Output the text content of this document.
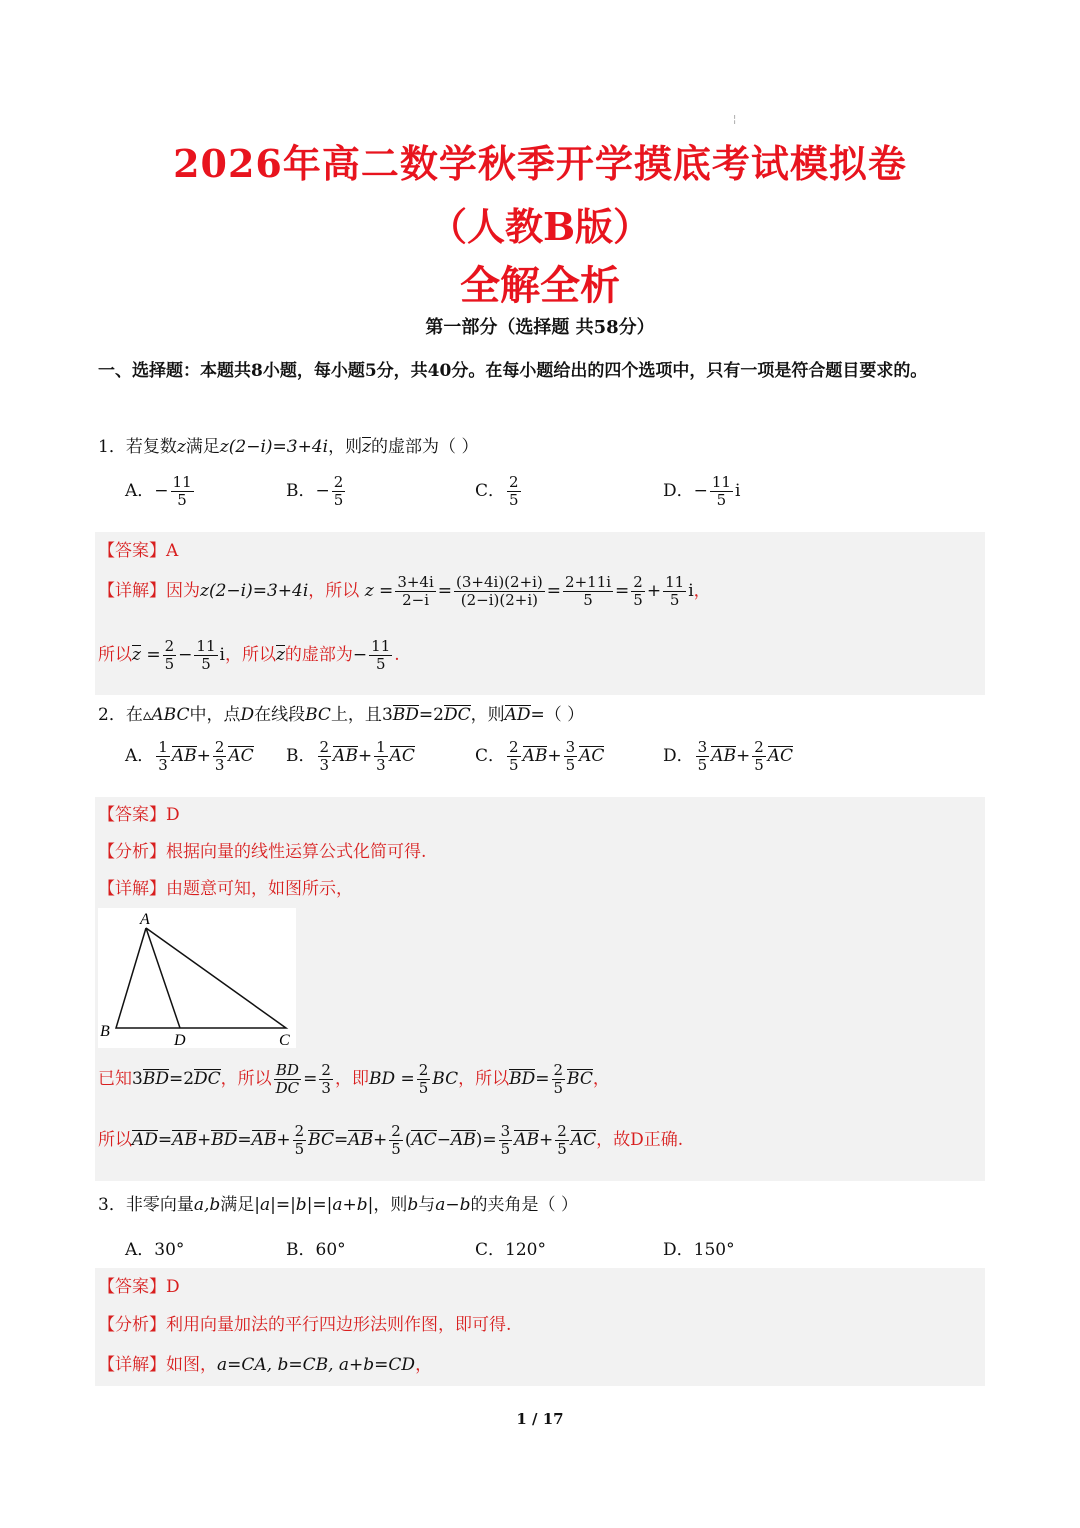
¦
2026年高二数学秋季开学摸底考试模拟卷
（人教B版）
全解全析
第一部分（选择题 共58分）
一、选择题：本题共8小题，每小题5分，共40分。在每小题给出的四个选项中，只有一项是符合题目要求的。
1．若复数z满足z(2−i)=3+4i，则z的虚部为（ ）
A．− $\frac{11}{5}$	B．− $\frac{2}{5}$	C． $\frac{2}{5}$	D．− $\frac{11}{5}$ i
【答案】A
【详解】因为z(2−i)=3+4i，所以 $z = \frac{3+4i}{2-i} = \frac{(3+4i)(2+i)}{(2-i)(2+i)} = \frac{2+11i}{5} = \frac{2}{5} + \frac{11}{5}$ i，
所以$z = \frac{2}{5} - \frac{11}{5}$ i，所以z的虚部为− $\frac{11}{5}$ .
2．在▵ABC中，点D在线段BC上，且3BD=2DC，则AD=（ ）
A． $\frac{1}{3} AB+ \frac{2}{3}$ AC B． $\frac{2}{3} AB+ \frac{1}{3}$ AC	C． $\frac{2}{5} AB+ \frac{3}{5}$ AC	D． $\frac{3}{5} AB+ \frac{2}{5}$ AC
【答案】D
【分析】根据向量的线性运算公式化简可得.
【详解】由题意可知，如图所示，
A
B
D	C
已知3BD=2DC，所以 $\frac{BD}{DC} = \frac{2}{3}$ ，即BD = $\frac{2}{5}$ BC，所以$BD= \frac{2}{5}$ BC，
所以$AD=AB+BD=AB+ \frac{2}{5} BC=AB+ \frac{2}{5} (AC-AB)= \frac{3}{5} AB+ \frac{2}{5}$ AC，故D正确.
3．非零向量a,b满足|a|=|b|=|a+b|，则b与a−b的夹角是（ ）
A．30°	B．60°	C．120°	D．150°
【答案】D
【分析】利用向量加法的平行四边形法则作图，即可得.
【详解】如图，a=CA, b=CB, a+b=CD，
1 / 17
